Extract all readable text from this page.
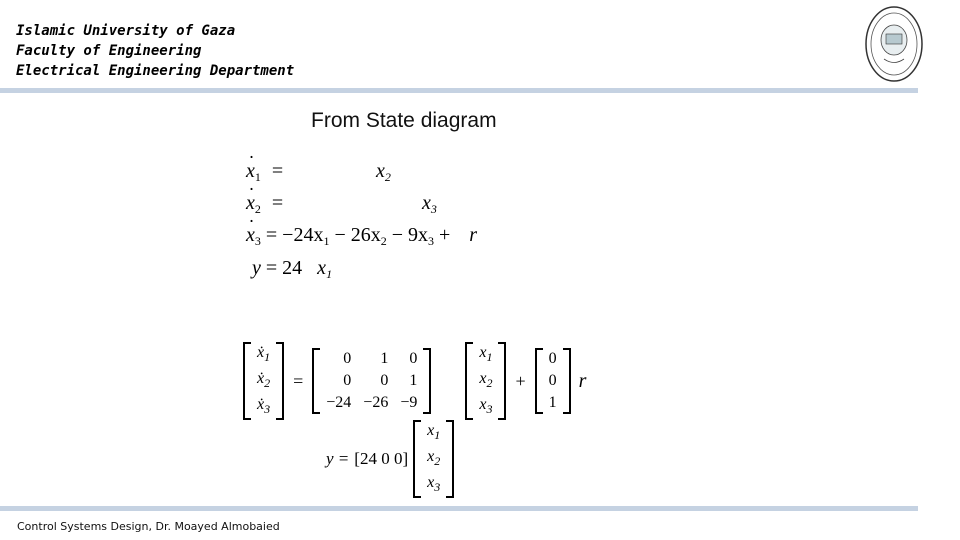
Islamic University of Gaza
Faculty of Engineering
Electrical Engineering Department
From State diagram
· $x_1$ =	$x_2$
· $x_2$ =	$x_3$
· $x_3 = -24x_1 - 26x_2 - 9x_3 + r$
y = 24 $x_1$
ẋ$_1$
ẋ$_2$
ẋ$_3$
=
0	1	0
0	0	1
−24	−26	−9

$x_1$
$x_2$
$x_3$
+
0
0
1
r
y = [24 0 0]
$x_1$
$x_2$
$x_3$
Control Systems Design, Dr. Moayed Almobaied
